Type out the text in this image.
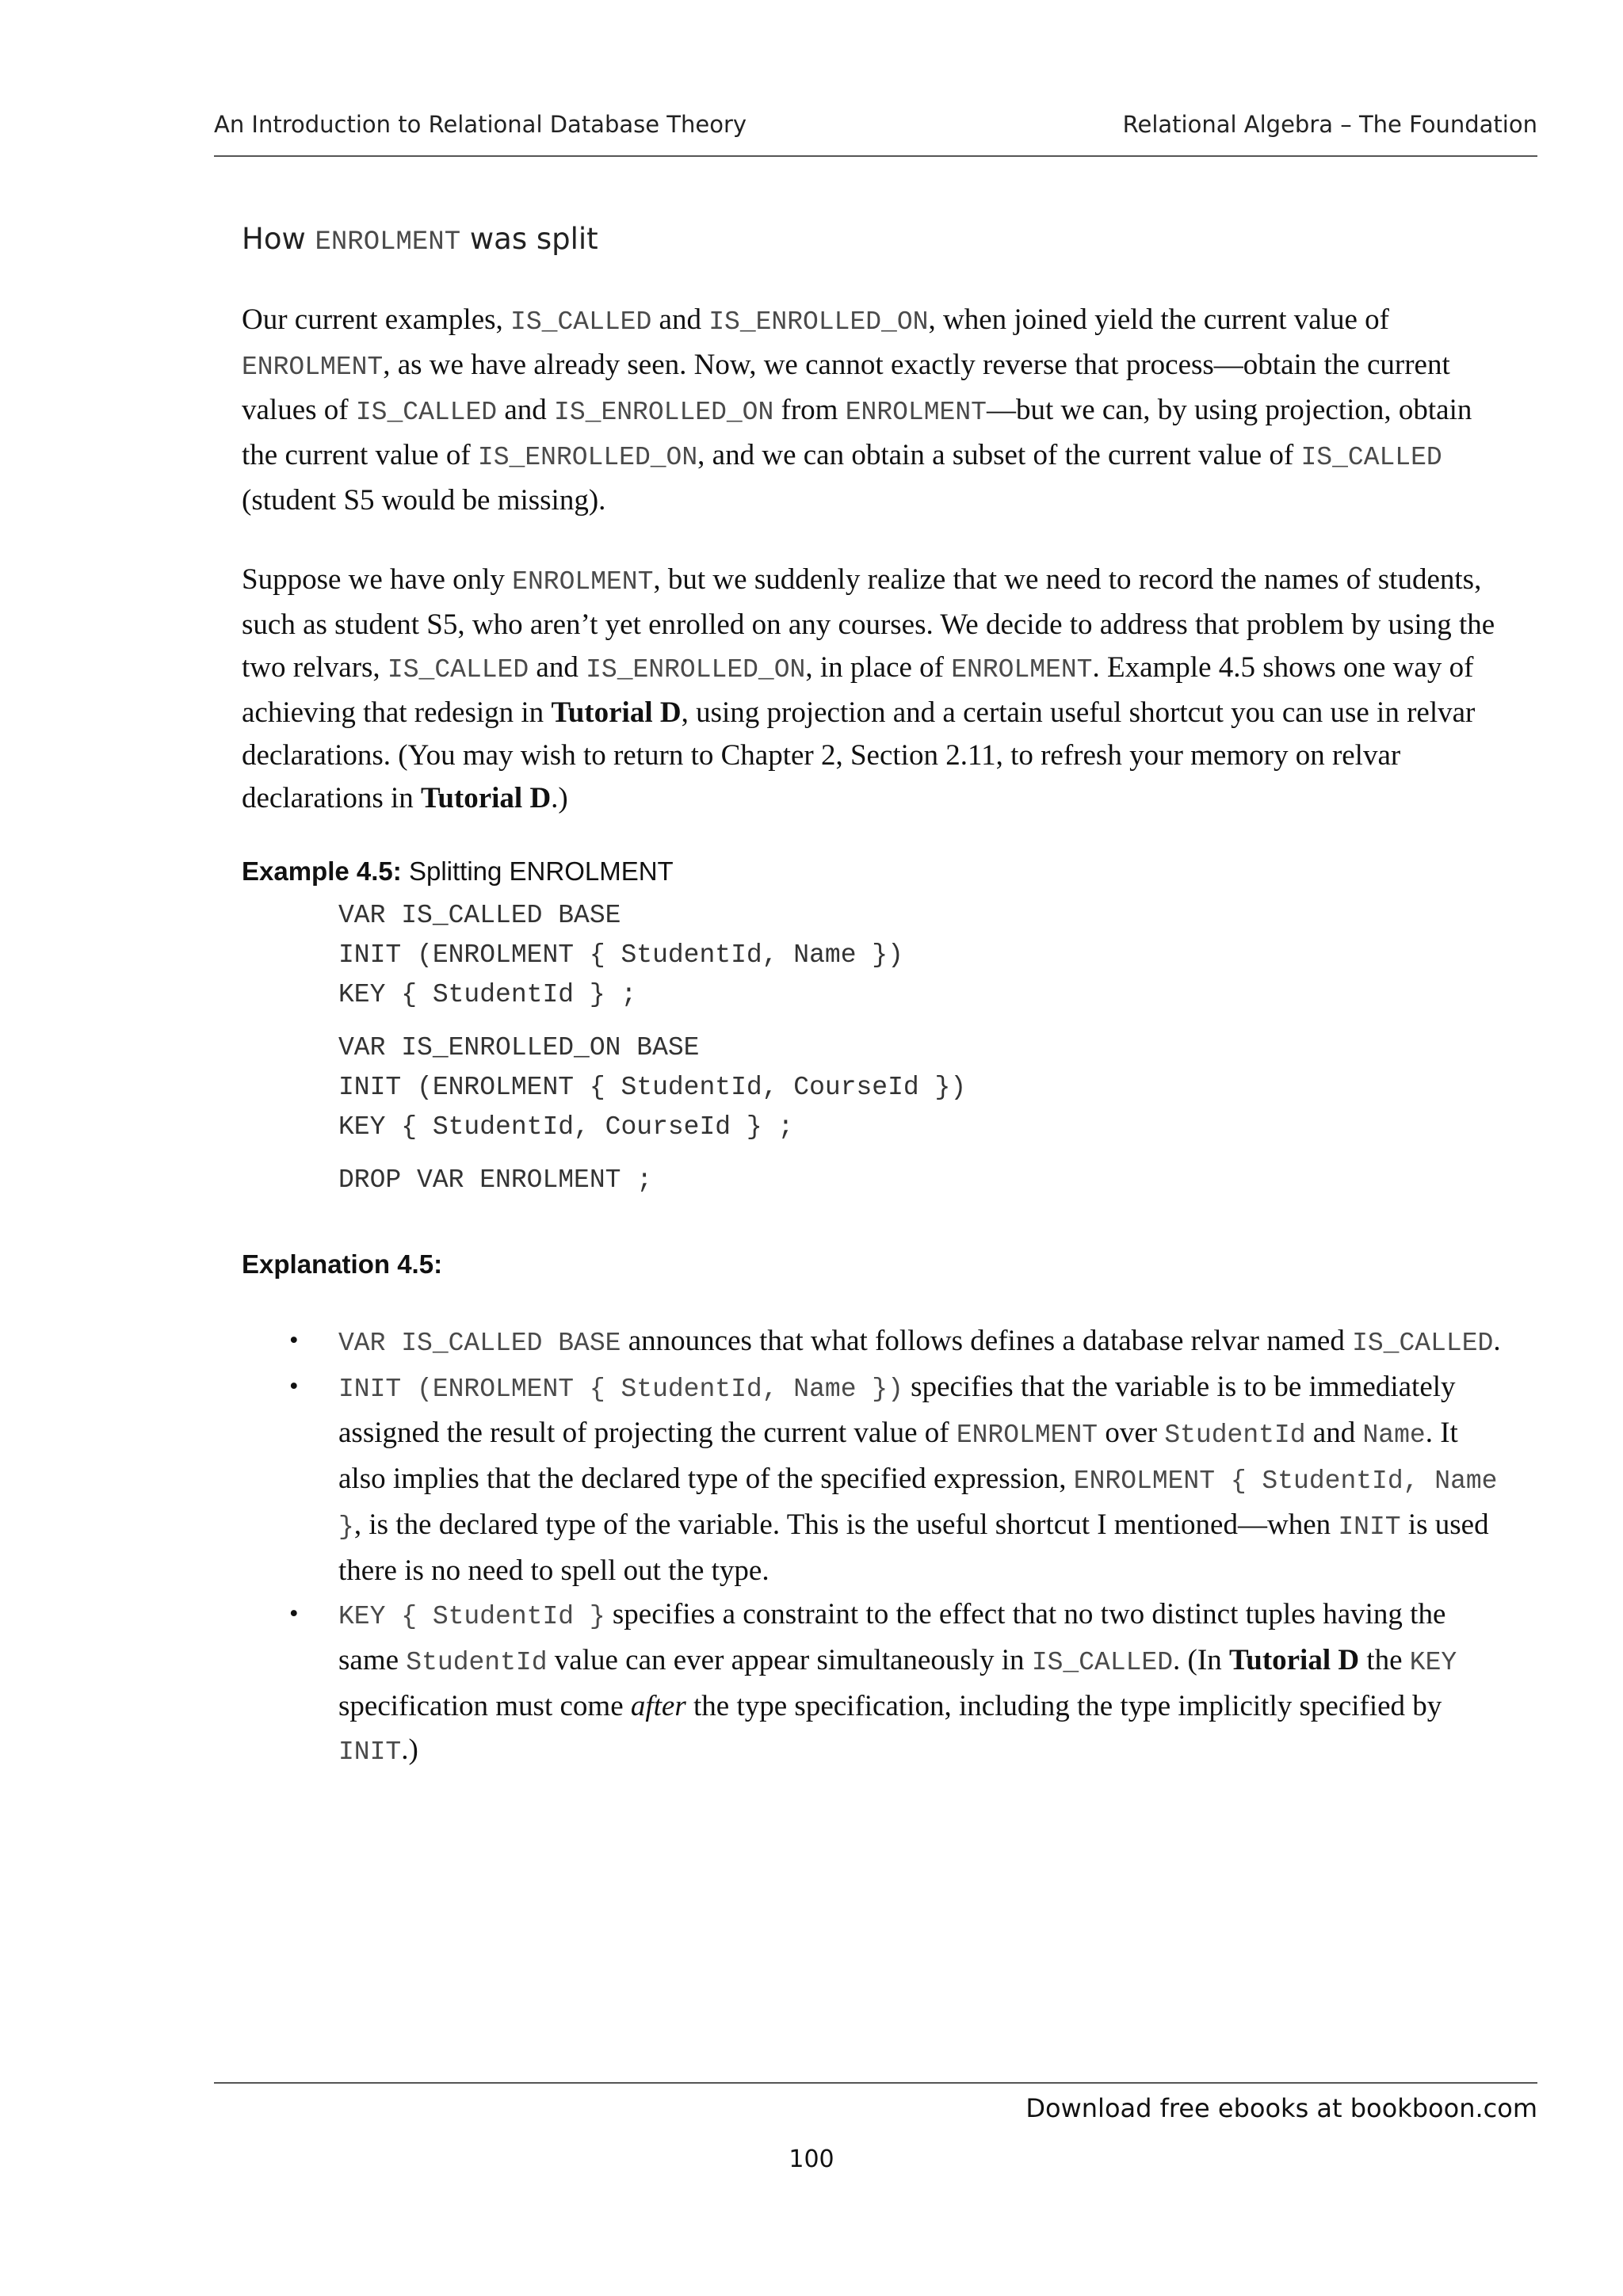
An Introduction to Relational Database Theory	Relational Algebra – The Foundation
How ENROLMENT was split

Our current examples, IS_CALLED and IS_ENROLLED_ON, when joined yield the current value of ENROLMENT, as we have already seen. Now, we cannot exactly reverse that process—obtain the current values of IS_CALLED and IS_ENROLLED_ON from ENROLMENT—but we can, by using projection, obtain the current value of IS_ENROLLED_ON, and we can obtain a subset of the current value of IS_CALLED (student S5 would be missing).

Suppose we have only ENROLMENT, but we suddenly realize that we need to record the names of students, such as student S5, who aren’t yet enrolled on any courses. We decide to address that problem by using the two relvars, IS_CALLED and IS_ENROLLED_ON, in place of ENROLMENT. Example 4.5 shows one way of achieving that redesign in Tutorial D, using projection and a certain useful shortcut you can use in relvar declarations. (You may wish to return to Chapter 2, Section 2.11, to refresh your memory on relvar declarations in Tutorial D.)

Example 4.5: Splitting ENROLMENT
VAR IS_CALLED BASE
INIT (ENROLMENT { StudentId, Name })
KEY { StudentId } ;
VAR IS_ENROLLED_ON BASE
INIT (ENROLMENT { StudentId, CourseId })
KEY { StudentId, CourseId } ;
DROP VAR ENROLMENT ;
Explanation 4.5:
• VAR IS_CALLED BASE announces that what follows defines a database relvar named IS_CALLED.
• INIT (ENROLMENT { StudentId, Name }) specifies that the variable is to be immediately assigned the result of projecting the current value of ENROLMENT over StudentId and Name. It also implies that the declared type of the specified expression, ENROLMENT { StudentId, Name }, is the declared type of the variable. This is the useful shortcut I mentioned—when INIT is used there is no need to spell out the type.
• KEY { StudentId } specifies a constraint to the effect that no two distinct tuples having the same StudentId value can ever appear simultaneously in IS_CALLED. (In Tutorial D the KEY specification must come after the type specification, including the type implicitly specified by INIT.)
Download free ebooks at bookboon.com
100
